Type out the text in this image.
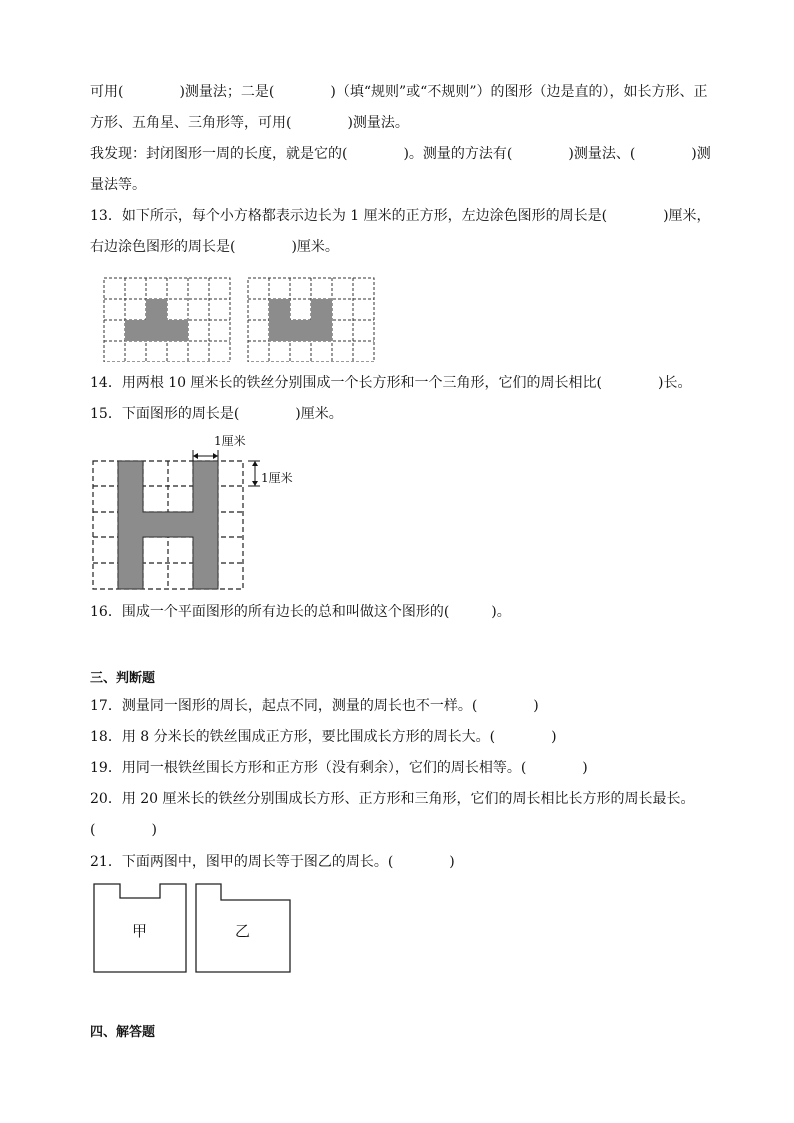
可用(　　　　)测量法；二是(　　　　)（填“规则”或“不规则”）的图形（边是直的），如长方形、正
方形、五角星、三角形等，可用(　　　　)测量法。
我发现：封闭图形一周的长度，就是它的(　　　　)。测量的方法有(　　　　)测量法、(　　　　)测
量法等。
13．如下所示，每个小方格都表示边长为 1 厘米的正方形，左边涂色图形的周长是(　　　　)厘米，
右边涂色图形的周长是(　　　　)厘米。
14．用两根 10 厘米长的铁丝分别围成一个长方形和一个三角形，它们的周长相比(　　　　)长。
15．下面图形的周长是(　　　　)厘米。
1厘米
1厘米
16．围成一个平面图形的所有边长的总和叫做这个图形的(　　　)。
三、判断题
17．测量同一图形的周长，起点不同，测量的周长也不一样。(　　　　)
18．用 8 分米长的铁丝围成正方形，要比围成长方形的周长大。(　　　　)
19．用同一根铁丝围长方形和正方形（没有剩余），它们的周长相等。(　　　　)
20．用 20 厘米长的铁丝分别围成长方形、正方形和三角形，它们的周长相比长方形的周长最长。
(　　　　)
21．下面两图中，图甲的周长等于图乙的周长。(　　　　)
甲	乙
四、解答题
